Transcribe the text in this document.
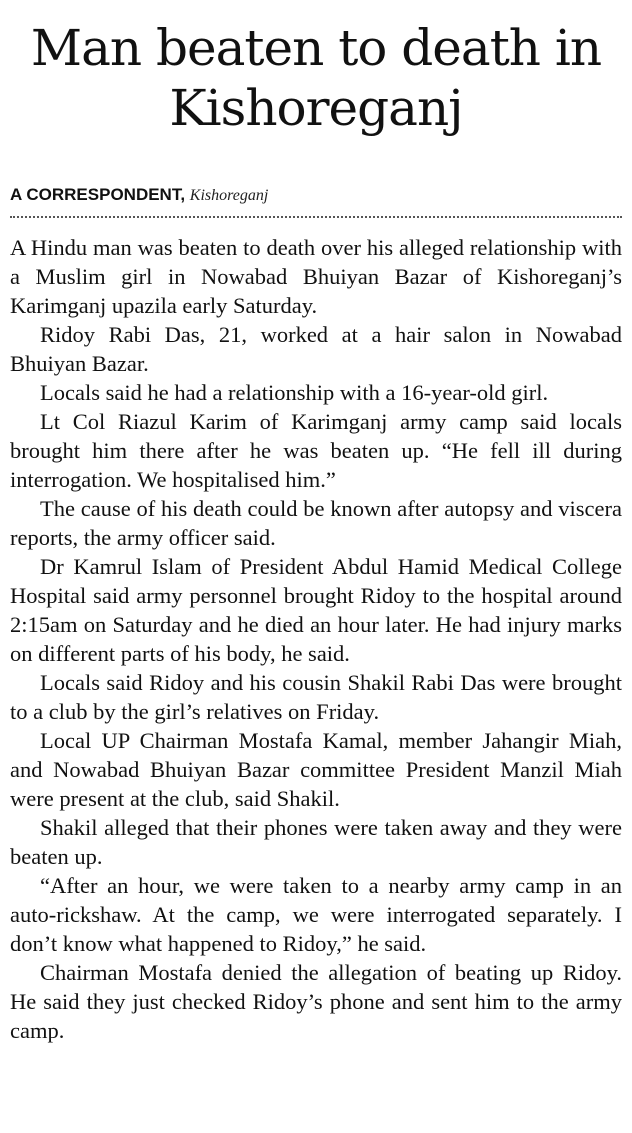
Man beaten to death in Kishoreganj
A CORRESPONDENT, Kishoreganj

A Hindu man was beaten to death over his alleged relationship with a Muslim girl in Nowabad Bhuiyan Bazar of Kishoreganj’s Karimganj upazila early Saturday.

Ridoy Rabi Das, 21, worked at a hair salon in Nowabad Bhuiyan Bazar.

Locals said he had a relationship with a 16-year-old girl.

Lt Col Riazul Karim of Karimganj army camp said locals brought him there after he was beaten up. “He fell ill during interrogation. We hospitalised him.”

The cause of his death could be known after autopsy and viscera reports, the army officer said.

Dr Kamrul Islam of President Abdul Hamid Medical College Hospital said army personnel brought Ridoy to the hospital around 2:15am on Saturday and he died an hour later. He had injury marks on different parts of his body, he said.

Locals said Ridoy and his cousin Shakil Rabi Das were brought to a club by the girl’s relatives on Friday.

Local UP Chairman Mostafa Kamal, member Jahangir Miah, and Nowabad Bhuiyan Bazar committee President Manzil Miah were present at the club, said Shakil.

Shakil alleged that their phones were taken away and they were beaten up.

“After an hour, we were taken to a nearby army camp in an auto-rickshaw. At the camp, we were interrogated separately. I don’t know what happened to Ridoy,” he said.

Chairman Mostafa denied the allegation of beating up Ridoy. He said they just checked Ridoy’s phone and sent him to the army camp.
